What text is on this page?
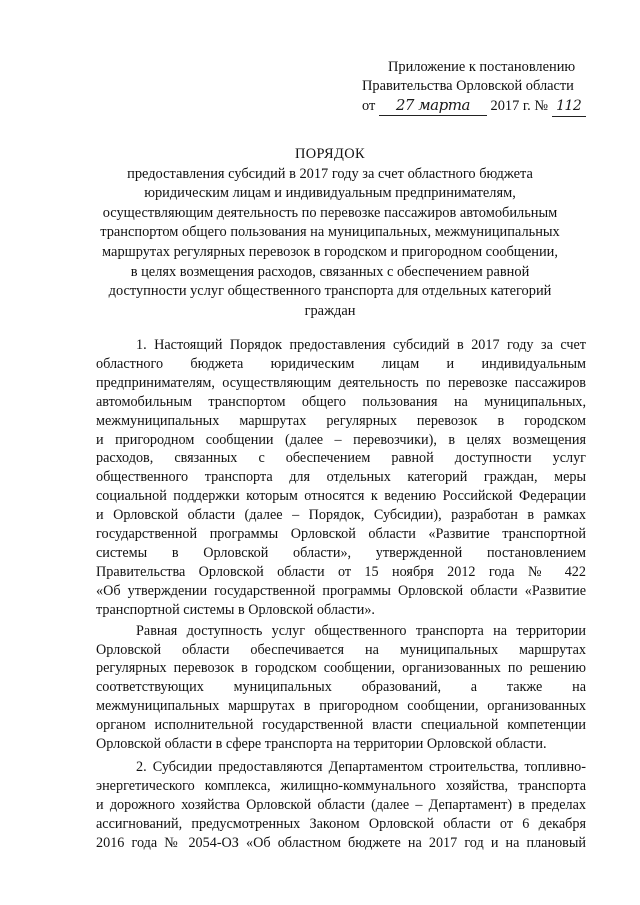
Приложение к постановлению
Правительства Орловской области
от 27 марта 2017 г. № 112
ПОРЯДОК
предоставления субсидий в 2017 году за счет областного бюджета
юридическим лицам и индивидуальным предпринимателям,
осуществляющим деятельность по перевозке пассажиров автомобильным
транспортом общего пользования на муниципальных, межмуниципальных
маршрутах регулярных перевозок в городском и пригородном сообщении,
в целях возмещения расходов, связанных с обеспечением равной
доступности услуг общественного транспорта для отдельных категорий
граждан

1. Настоящий Порядок предоставления субсидий в 2017 году за счет
областного бюджета юридическим лицам и индивидуальным
предпринимателям, осуществляющим деятельность по перевозке пассажиров
автомобильным транспортом общего пользования на муниципальных,
межмуниципальных маршрутах регулярных перевозок в городском
и пригородном сообщении (далее – перевозчики), в целях возмещения
расходов, связанных с обеспечением равной доступности услуг
общественного транспорта для отдельных категорий граждан, меры
социальной поддержки которым относятся к ведению Российской Федерации
и Орловской области (далее – Порядок, Субсидии), разработан в рамках
государственной программы Орловской области «Развитие транспортной
системы в Орловской области», утвержденной постановлением
Правительства Орловской области от 15 ноября 2012 года № 422
«Об утверждении государственной программы Орловской области «Развитие
транспортной системы в Орловской области».

Равная доступность услуг общественного транспорта на территории
Орловской области обеспечивается на муниципальных маршрутах
регулярных перевозок в городском сообщении, организованных по решению
соответствующих муниципальных образований, а также на
межмуниципальных маршрутах в пригородном сообщении, организованных
органом исполнительной государственной власти специальной компетенции
Орловской области в сфере транспорта на территории Орловской области.

2. Субсидии предоставляются Департаментом строительства, топливно-
энергетического комплекса, жилищно-коммунального хозяйства, транспорта
и дорожного хозяйства Орловской области (далее – Департамент) в пределах
ассигнований, предусмотренных Законом Орловской области от 6 декабря
2016 года № 2054-ОЗ «Об областном бюджете на 2017 год и на плановый
